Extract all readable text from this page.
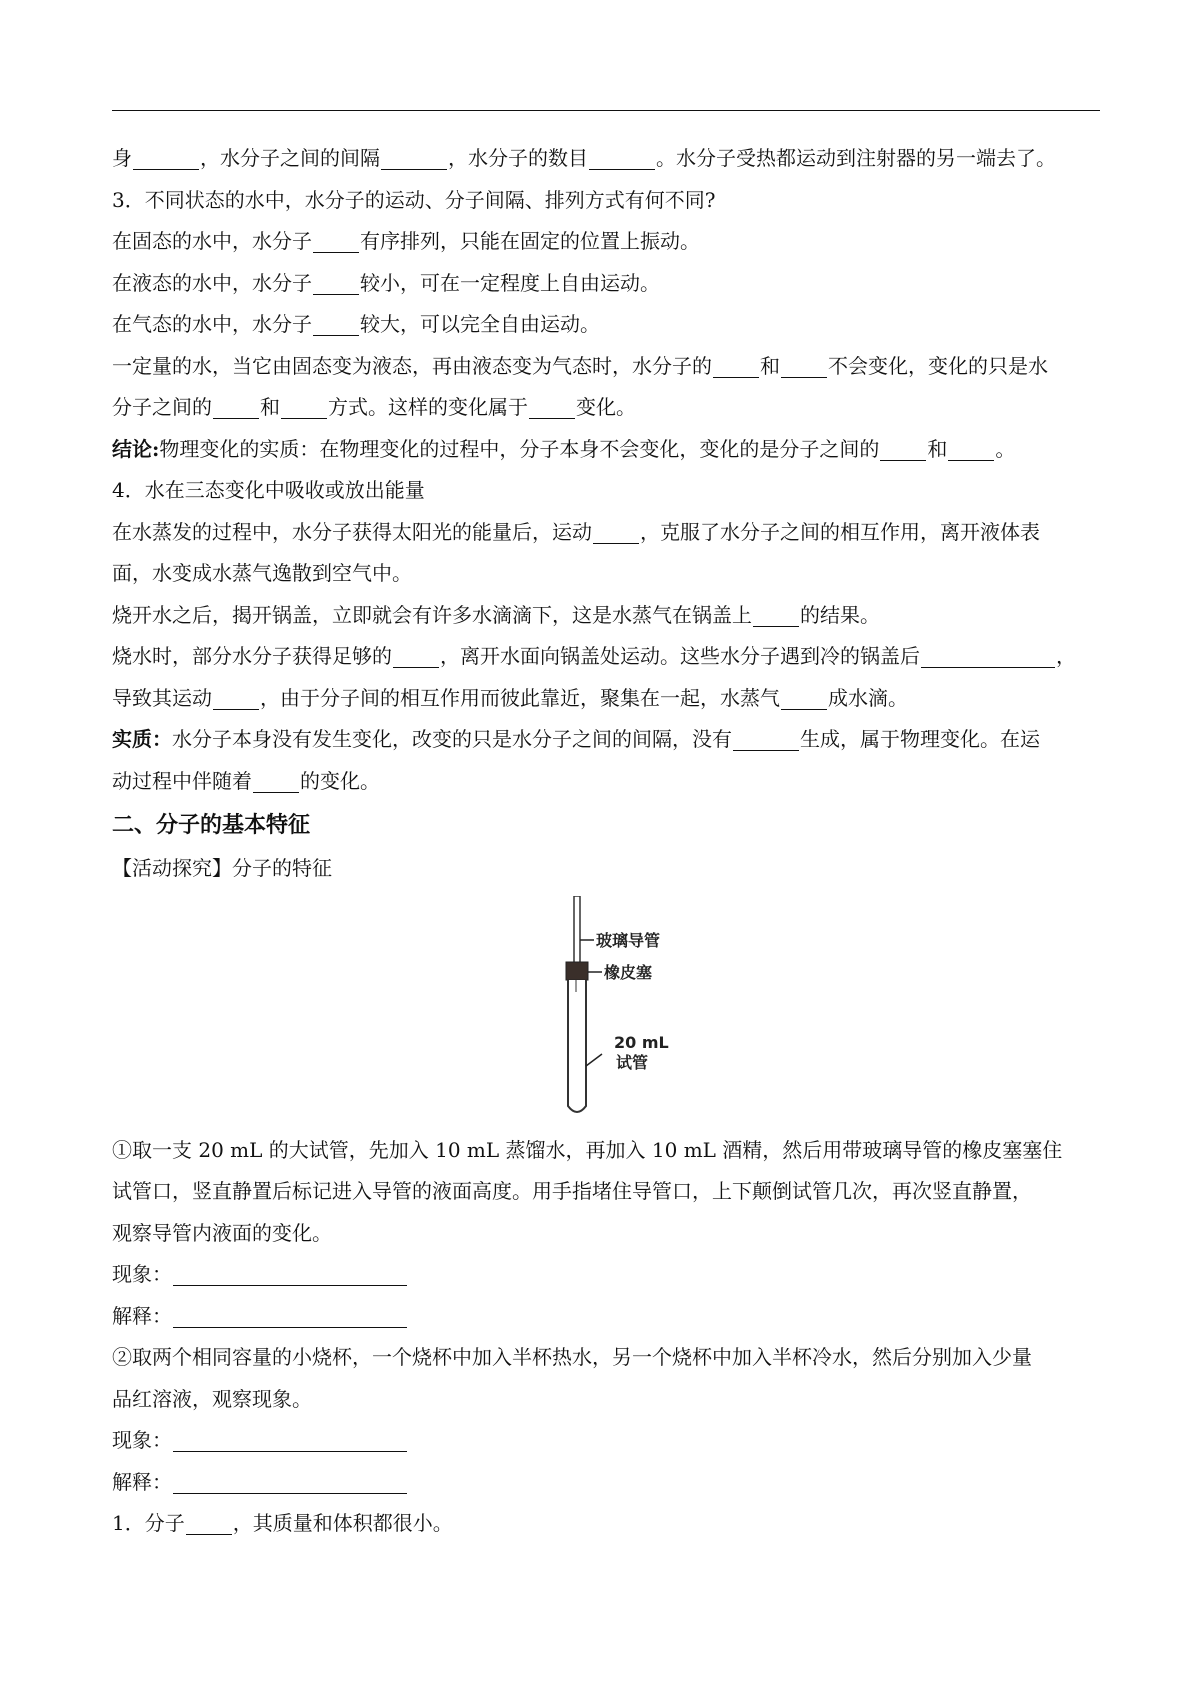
身	，水分子之间的间隔	，水分子的数目	。水分子受热都运动到注射器的另一端去了。
3．不同状态的水中，水分子的运动、分子间隔、排列方式有何不同?
在固态的水中，水分子 有序排列，只能在固定的位置上振动。
在液态的水中，水分子 较小，可在一定程度上自由运动。
在气态的水中，水分子 较大，可以完全自由运动。
一定量的水，当它由固态变为液态，再由液态变为气态时，水分子的 和 不会变化，变化的只是水
分子之间的 和 方式。这样的变化属于 变化。
结论:物理变化的实质：在物理变化的过程中，分子本身不会变化，变化的是分子之间的 和 。
4．水在三态变化中吸收或放出能量
在水蒸发的过程中，水分子获得太阳光的能量后，运动 ，克服了水分子之间的相互作用，离开液体表
面，水变成水蒸气逸散到空气中。
烧开水之后，揭开锅盖，立即就会有许多水滴滴下，这是水蒸气在锅盖上 的结果。
烧水时，部分水分子获得足够的 ，离开水面向锅盖处运动。这些水分子遇到冷的锅盖后	，
导致其运动 ，由于分子间的相互作用而彼此靠近，聚集在一起，水蒸气 成水滴。
实质：水分子本身没有发生变化，改变的只是水分子之间的间隔，没有	生成，属于物理变化。在运
动过程中伴随着 的变化。
二、分子的基本特征
【活动探究】分子的特征
玻璃导管
橡皮塞
20 mL
试管
①取一支 20 mL 的大试管，先加入 10 mL 蒸馏水，再加入 10 mL 酒精，然后用带玻璃导管的橡皮塞塞住
试管口，竖直静置后标记进入导管的液面高度。用手指堵住导管口，上下颠倒试管几次，再次竖直静置，
观察导管内液面的变化。
现象：
解释：
②取两个相同容量的小烧杯，一个烧杯中加入半杯热水，另一个烧杯中加入半杯冷水，然后分别加入少量
品红溶液，观察现象。
现象：
解释：
1．分子 ，其质量和体积都很小。
